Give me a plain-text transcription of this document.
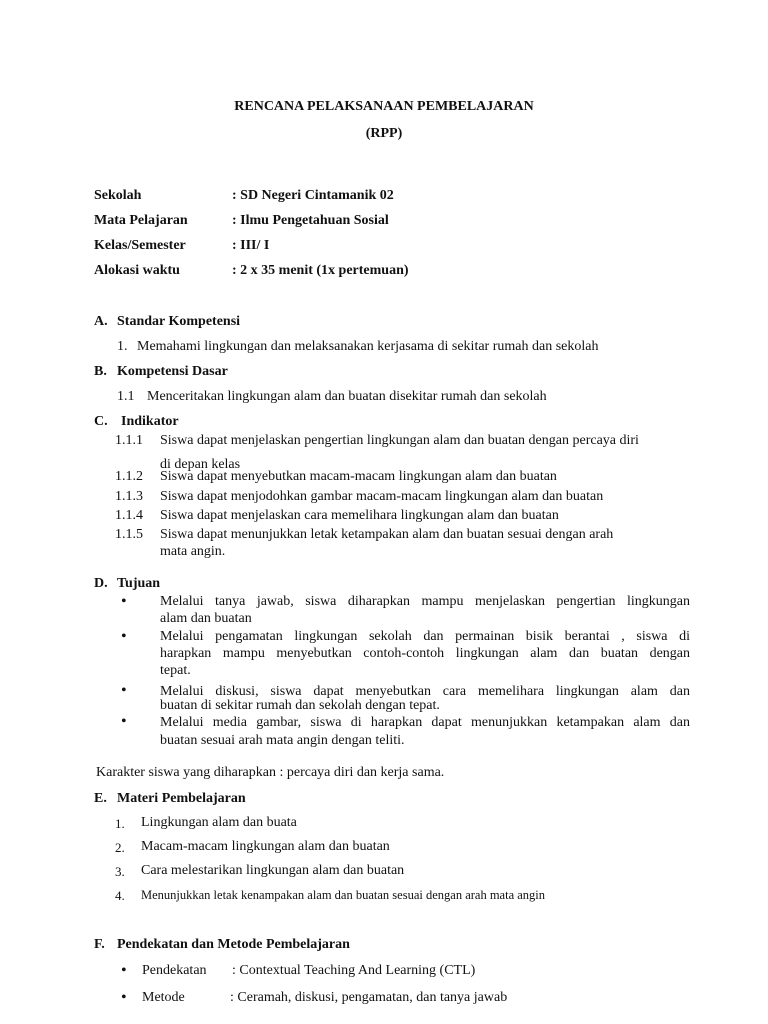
RENCANA PELAKSANAAN PEMBELAJARAN
(RPP)
Sekolah	: SD Negeri Cintamanik 02
Mata Pelajaran	: Ilmu Pengetahuan Sosial
Kelas/Semester	: III/ I
Alokasi waktu	: 2 x 35 menit (1x pertemuan)
A. Standar Kompetensi
1. Memahami lingkungan dan melaksanakan kerjasama di sekitar rumah dan sekolah
B. Kompetensi Dasar
1.1 Menceritakan lingkungan alam dan buatan disekitar rumah dan sekolah
C. Indikator
1.1.1 Siswa dapat menjelaskan pengertian lingkungan alam dan buatan dengan percaya diri
di depan kelas
1.1.2 Siswa dapat menyebutkan macam-macam lingkungan alam dan buatan
1.1.3 Siswa dapat menjodohkan gambar macam-macam lingkungan alam dan buatan
1.1.4 Siswa dapat menjelaskan cara memelihara lingkungan alam dan buatan
1.1.5 Siswa dapat menunjukkan letak ketampakan alam dan buatan sesuai dengan arah
mata angin.
D. Tujuan
• Melalui tanya jawab, siswa diharapkan mampu menjelaskan pengertian lingkungan
alam dan buatan
• Melalui pengamatan lingkungan sekolah dan permainan bisik berantai , siswa di
harapkan mampu menyebutkan contoh-contoh lingkungan alam dan buatan dengan
tepat.
• Melalui diskusi, siswa dapat menyebutkan cara memelihara lingkungan alam dan
buatan di sekitar rumah dan sekolah dengan tepat.
• Melalui media gambar, siswa di harapkan dapat menunjukkan ketampakan alam dan
buatan sesuai arah mata angin dengan teliti.
Karakter siswa yang diharapkan : percaya diri dan kerja sama.
E. Materi Pembelajaran
1. Lingkungan alam dan buata
2. Macam-macam lingkungan alam dan buatan
3. Cara melestarikan lingkungan alam dan buatan
4. Menunjukkan letak kenampakan alam dan buatan sesuai dengan arah mata angin
F. Pendekatan dan Metode Pembelajaran
• Pendekatan : Contextual Teaching And Learning (CTL)
• Metode	: Ceramah, diskusi, pengamatan, dan tanya jawab
